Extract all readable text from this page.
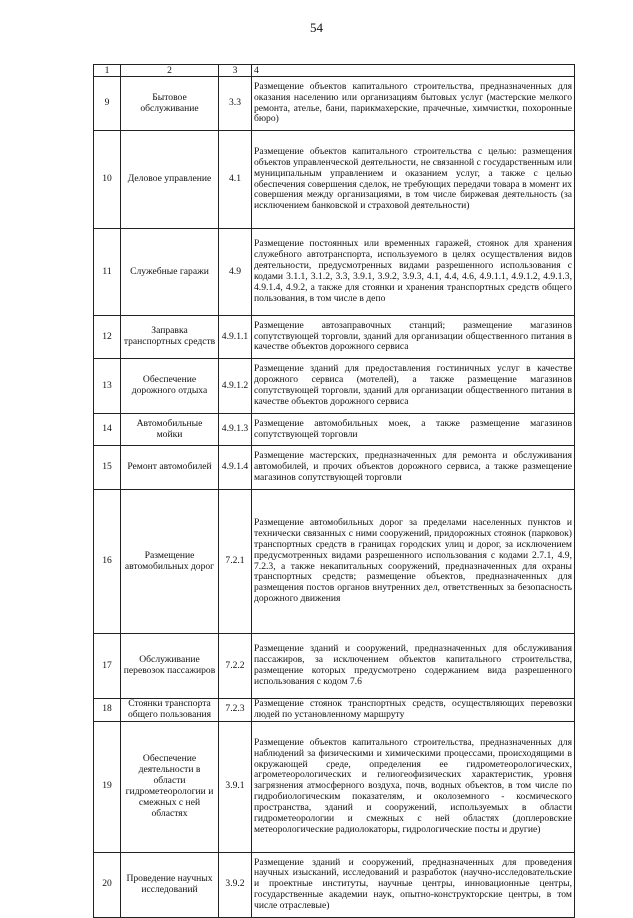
54
1	2	3	4
9	Бытовое обслуживание	3.3	Размещение объектов капитального строительства, предназначенных для оказания населению или организациям бытовых услуг (мастерские мелкого ремонта, ателье, бани, парикмахерские, прачечные, химчистки, похоронные бюро)
10	Деловое управление	4.1	Размещение объектов капитального строительства с целью: размещения объектов управленческой деятельности, не связанной с государственным или муниципальным управлением и оказанием услуг, а также с целью обеспечения совершения сделок, не требующих передачи товара в момент их совершения между организациями, в том числе биржевая деятельность (за исключением банковской и страховой деятельности)
11	Служебные гаражи	4.9	Размещение постоянных или временных гаражей, стоянок для хранения служебного автотранспорта, используемого в целях осуществления видов деятельности, предусмотренных видами разрешенного использования с кодами 3.1.1, 3.1.2, 3.3, 3.9.1, 3.9.2, 3.9.3, 4.1, 4.4, 4.6, 4.9.1.1, 4.9.1.2, 4.9.1.3, 4.9.1.4, 4.9.2, а также для стоянки и хранения транспортных средств общего пользования, в том числе в депо
12	Заправка транспортных средств	4.9.1.1	Размещение автозаправочных станций; размещение магазинов сопутствующей торговли, зданий для организации общественного питания в качестве объектов дорожного сервиса
13	Обеспечение дорожного отдыха	4.9.1.2	Размещение зданий для предоставления гостиничных услуг в качестве дорожного сервиса (мотелей), а также размещение магазинов сопутствующей торговли, зданий для организации общественного питания в качестве объектов дорожного сервиса
14	Автомобильные мойки	4.9.1.3	Размещение автомобильных моек, а также размещение магазинов сопутствующей торговли
15	Ремонт автомобилей	4.9.1.4	Размещение мастерских, предназначенных для ремонта и обслуживания автомобилей, и прочих объектов дорожного сервиса, а также размещение магазинов сопутствующей торговли
16	Размещение автомобильных дорог	7.2.1	Размещение автомобильных дорог за пределами населенных пунктов и технически связанных с ними сооружений, придорожных стоянок (парковок) транспортных средств в границах городских улиц и дорог, за исключением предусмотренных видами разрешенного использования с кодами 2.7.1, 4.9, 7.2.3, а также некапитальных сооружений, предназначенных для охраны транспортных средств; размещение объектов, предназначенных для размещения постов органов внутренних дел, ответственных за безопасность дорожного движения
17	Обслуживание перевозок пассажиров	7.2.2	Размещение зданий и сооружений, предназначенных для обслуживания пассажиров, за исключением объектов капитального строительства, размещение которых предусмотрено содержанием вида разрешенного использования с кодом 7.6
18	Стоянки транспорта общего пользования	7.2.3	Размещение стоянок транспортных средств, осуществляющих перевозки людей по установленному маршруту
19	Обеспечение деятельности в области гидрометеорологии и смежных с ней областях	3.9.1	Размещение объектов капитального строительства, предназначенных для наблюдений за физическими и химическими процессами, происходящими в окружающей среде, определения ее гидрометеорологических, агрометеорологических и гелиогеофизических характеристик, уровня загрязнения атмосферного воздуха, почв, водных объектов, в том числе по гидробиологическим показателям, и околоземного - космического пространства, зданий и сооружений, используемых в области гидрометеорологии и смежных с ней областях (доплеровские метеорологические радиолокаторы, гидрологические посты и другие)
20	Проведение научных исследований	3.9.2	Размещение зданий и сооружений, предназначенных для проведения научных изысканий, исследований и разработок (научно-исследовательские и проектные институты, научные центры, инновационные центры, государственные академии наук, опытно-конструкторские центры, в том числе отраслевые)
